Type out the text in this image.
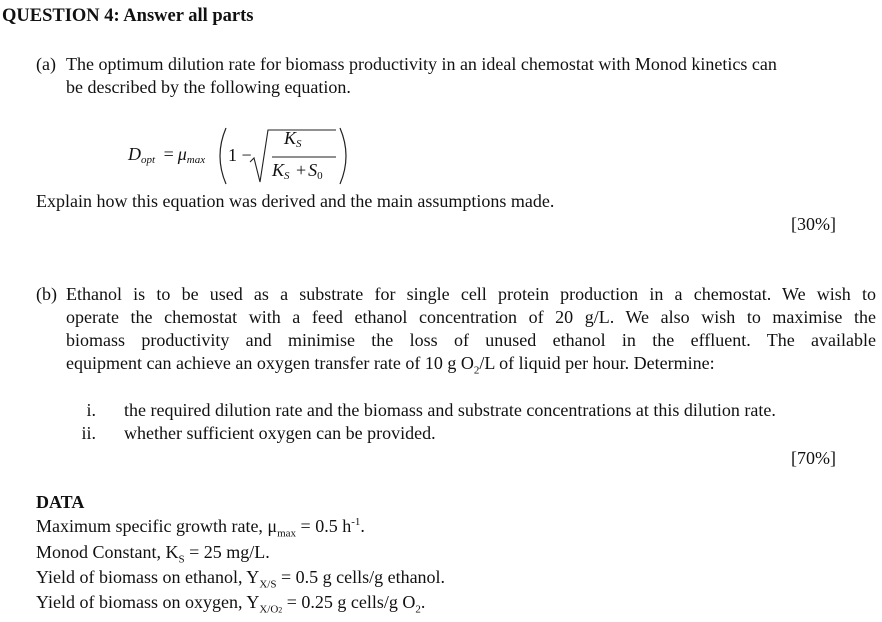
QUESTION 4: Answer all parts
(a) The optimum dilution rate for biomass productivity in an ideal chemostat with Monod kinetics can
be described by the following equation.
$D_{opt} = \mu_{max}$ 1 −
$K_S$
$K_S + S0$
Explain how this equation was derived and the main assumptions made.
[30%]
(b) Ethanol is to be used as a substrate for single cell protein production in a chemostat. We wish to
operate the chemostat with a feed ethanol concentration of 20 g/L. We also wish to maximise the
biomass productivity and minimise the loss of unused ethanol in the effluent. The available
equipment can achieve an oxygen transfer rate of 10 g $O_2/L$ of liquid per hour. Determine:
i. the required dilution rate and the biomass and substrate concentrations at this dilution rate.
ii. whether sufficient oxygen can be provided.
[70%]
DATA
Maximum specific growth rate, $\mu_{max} = 0.5$ $h^{-1}$.
Monod Constant, $K_S = 25$ mg/L.
Yield of biomass on ethanol, $Y_{X/S} = 0.5$ g cells/g ethanol.
Yield of biomass on oxygen, $Y_{X/O2} = 0.25$ g cells/g $O_2$.
